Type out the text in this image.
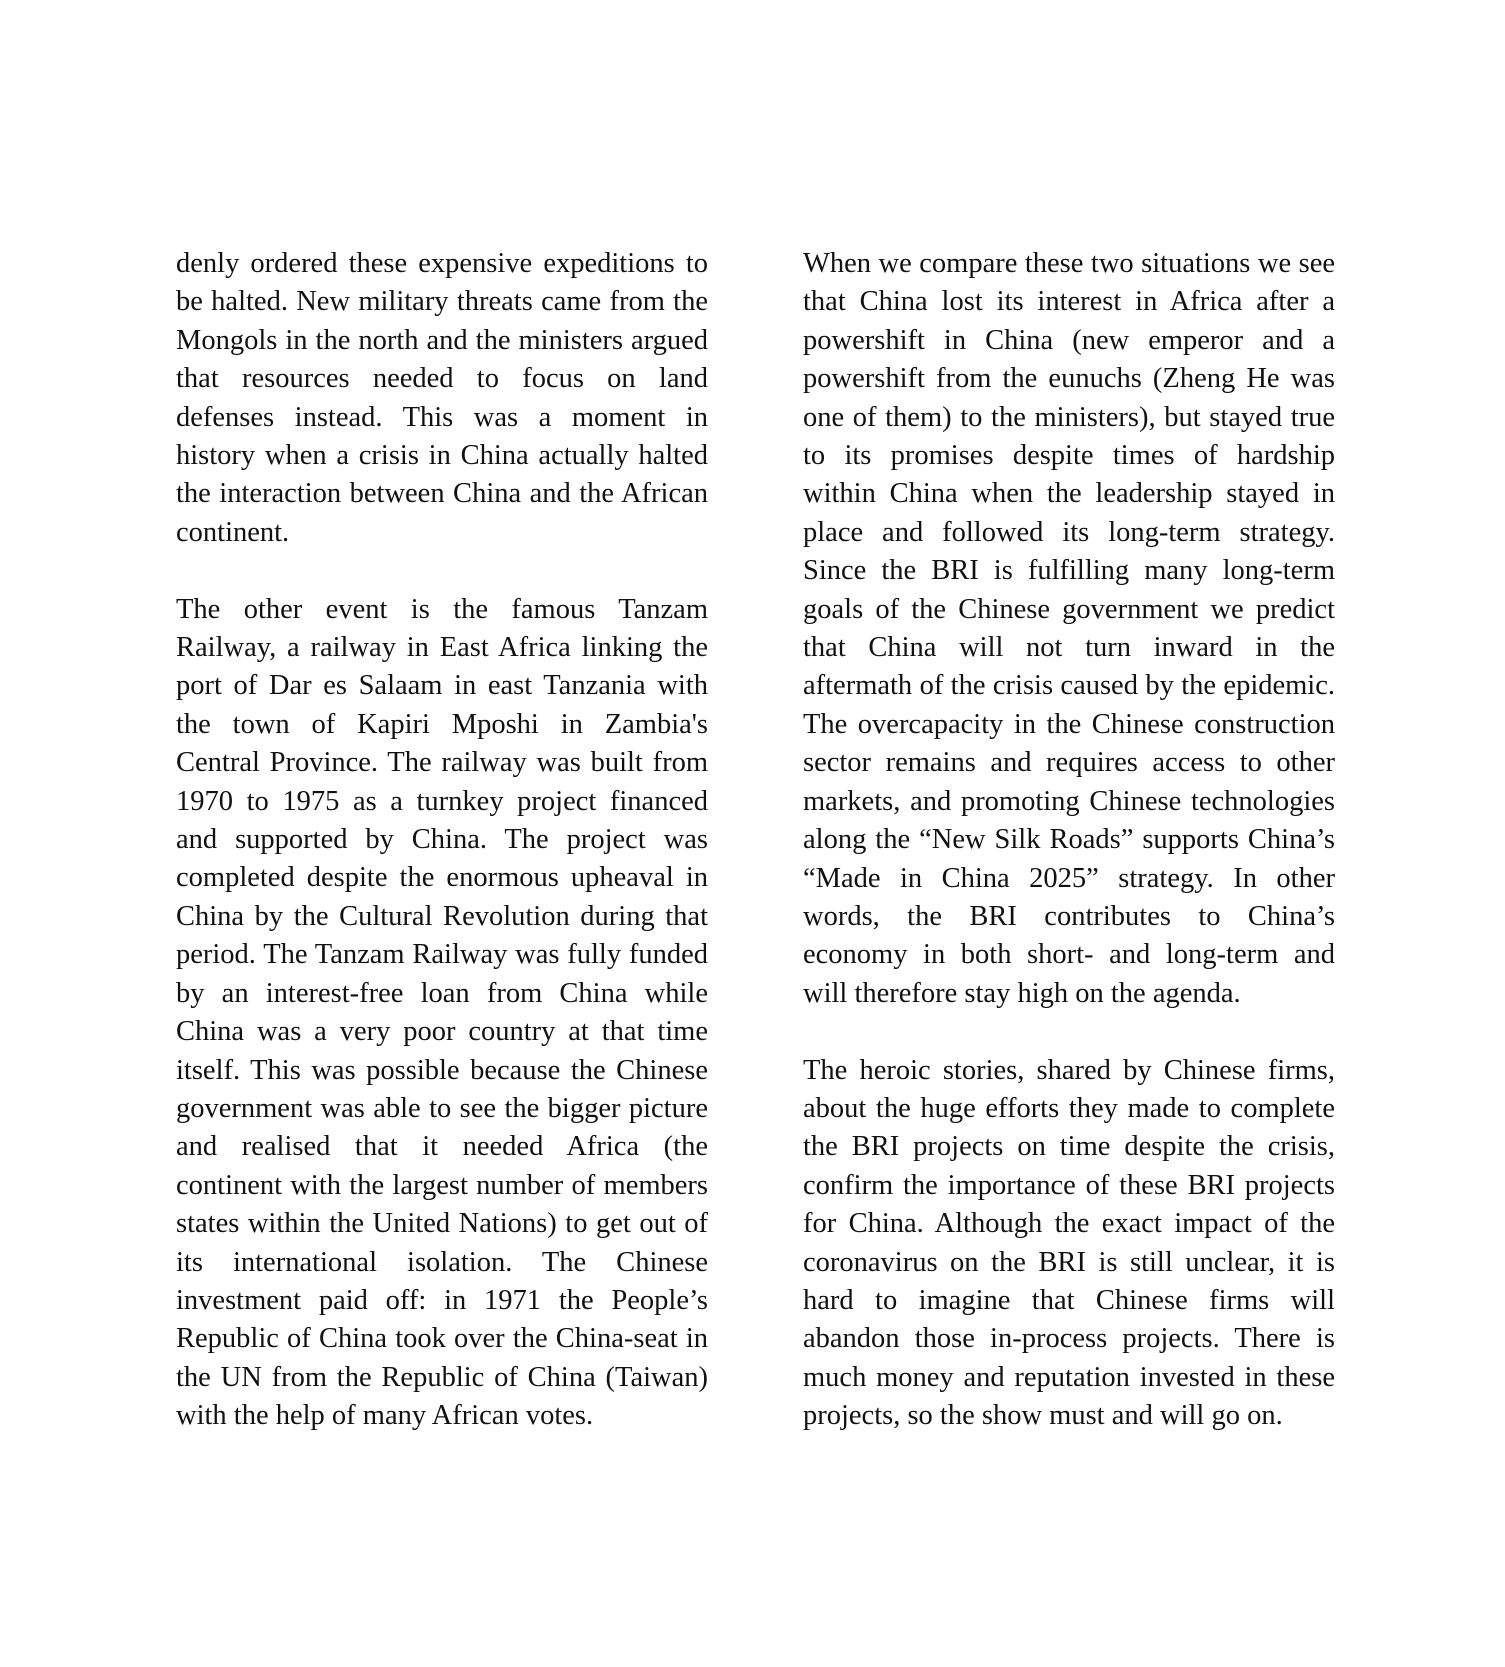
denly ordered these expensive expeditions to be halted. New military threats came from the Mongols in the north and the ministers argued that resources needed to focus on land defenses instead. This was a moment in history when a crisis in China actually halted the interaction between China and the African continent.

The other event is the famous Tanzam Railway, a railway in East Africa linking the port of Dar es Salaam in east Tanzania with the town of Kapiri Mposhi in Zambia's Central Province. The railway was built from 1970 to 1975 as a turnkey project financed and supported by China. The project was completed despite the enormous upheaval in China by the Cultural Revolution during that period. The Tanzam Railway was fully funded by an interest-free loan from China while China was a very poor country at that time itself. This was possible because the Chinese government was able to see the bigger picture and realised that it needed Africa (the continent with the largest number of members states within the United Nations) to get out of its international isolation. The Chinese investment paid off: in 1971 the People’s Republic of China took over the China-seat in the UN from the Republic of China (Taiwan) with the help of many African votes.

When we compare these two situations we see that China lost its interest in Africa after a powershift in China (new emperor and a powershift from the eunuchs (Zheng He was one of them) to the ministers), but stayed true to its promises despite times of hardship within China when the leadership stayed in place and followed its long-term strategy. Since the BRI is fulfilling many long-term goals of the Chinese government we predict that China will not turn inward in the aftermath of the crisis caused by the epidemic. The overcapacity in the Chinese construction sector remains and requires access to other markets, and promoting Chinese technologies along the “New Silk Roads” supports China’s “Made in China 2025” strategy. In other words, the BRI contributes to China’s economy in both short- and long-term and will therefore stay high on the agenda.

The heroic stories, shared by Chinese firms, about the huge efforts they made to complete the BRI projects on time despite the crisis, confirm the importance of these BRI projects for China. Although the exact impact of the coronavirus on the BRI is still unclear, it is hard to imagine that Chinese firms will abandon those in-process projects. There is much money and reputation invested in these projects, so the show must and will go on.
